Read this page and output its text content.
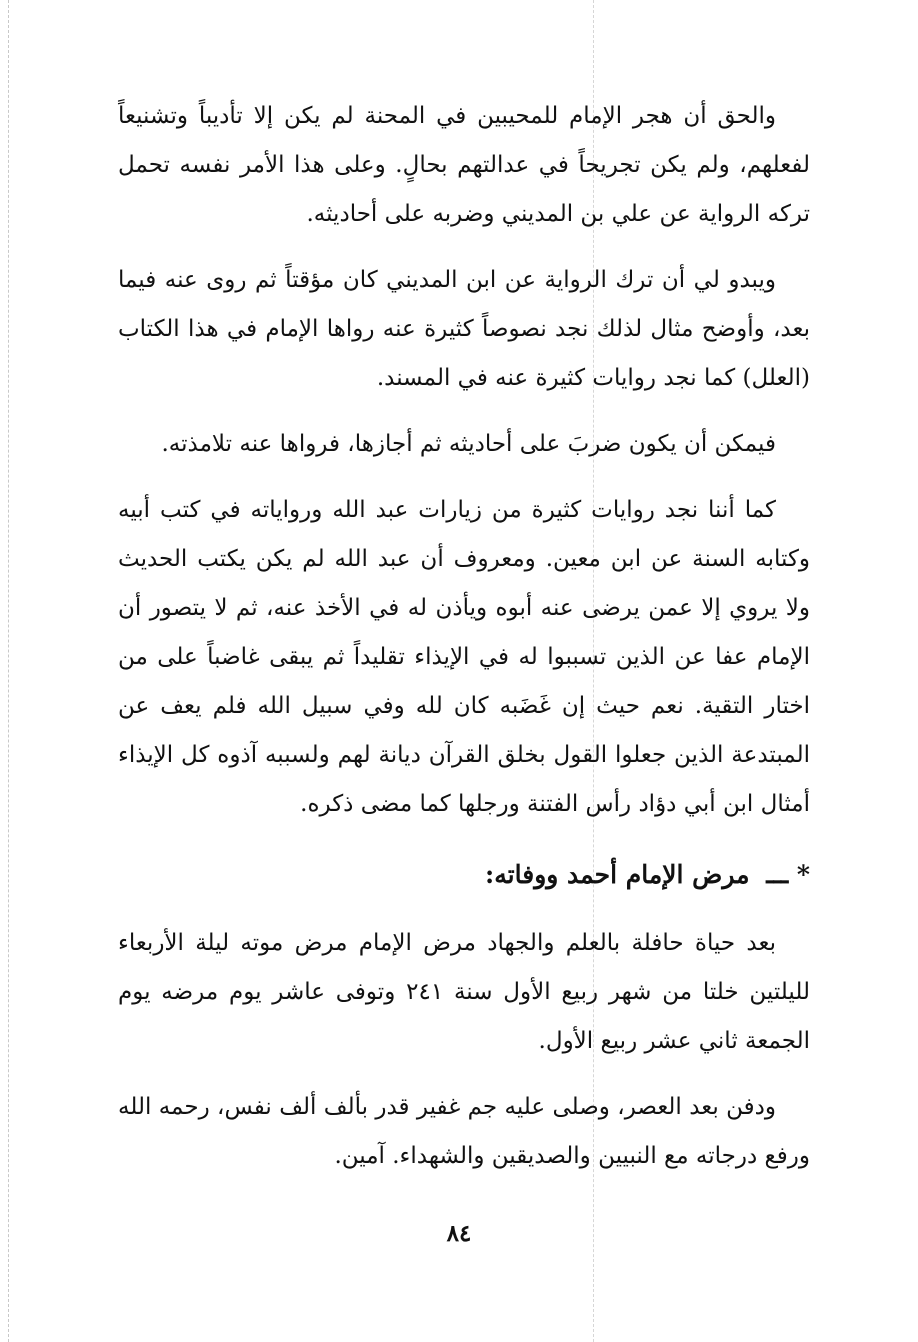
والحق أن هجر الإمام للمحيبين في المحنة لم يكن إلا تأديباً وتشنيعاً لفعلهم، ولم يكن تجريحاً في عدالتهم بحالٍ. وعلى هذا الأمر نفسه تحمل تركه الرواية عن علي بن المديني وضربه على أحاديثه.

ويبدو لي أن ترك الرواية عن ابن المديني كان مؤقتاً ثم روى عنه فيما بعد، وأوضح مثال لذلك نجد نصوصاً كثيرة عنه رواها الإمام في هذا الكتاب (العلل) كما نجد روايات كثيرة عنه في المسند.

فيمكن أن يكون ضربَ على أحاديثه ثم أجازها، فرواها عنه تلامذته.

كما أننا نجد روايات كثيرة من زيارات عبد الله ورواياته في كتب أبيه وكتابه السنة عن ابن معين. ومعروف أن عبد الله لم يكن يكتب الحديث ولا يروي إلا عمن يرضى عنه أبوه ويأذن له في الأخذ عنه، ثم لا يتصور أن الإمام عفا عن الذين تسببوا له في الإيذاء تقليداً ثم يبقى غاضباً على من اختار التقية. نعم حيث إن غَضَبه كان لله وفي سبيل الله فلم يعف عن المبتدعة الذين جعلوا القول بخلق القرآن ديانة لهم ولسببه آذوه كل الإيذاء أمثال ابن أبي دؤاد رأس الفتنة ورجلها كما مضى ذكره.

* ـــ مرض الإمام أحمد ووفاته:

بعد حياة حافلة بالعلم والجهاد مرض الإمام مرض موته ليلة الأربعاء لليلتين خلتا من شهر ربيع الأول سنة ٢٤١ وتوفى عاشر يوم مرضه يوم الجمعة ثاني عشر ربيع الأول.

ودفن بعد العصر، وصلى عليه جم غفير قدر بألف ألف نفس، رحمه الله ورفع درجاته مع النبيين والصديقين والشهداء. آمين.

٨٤
